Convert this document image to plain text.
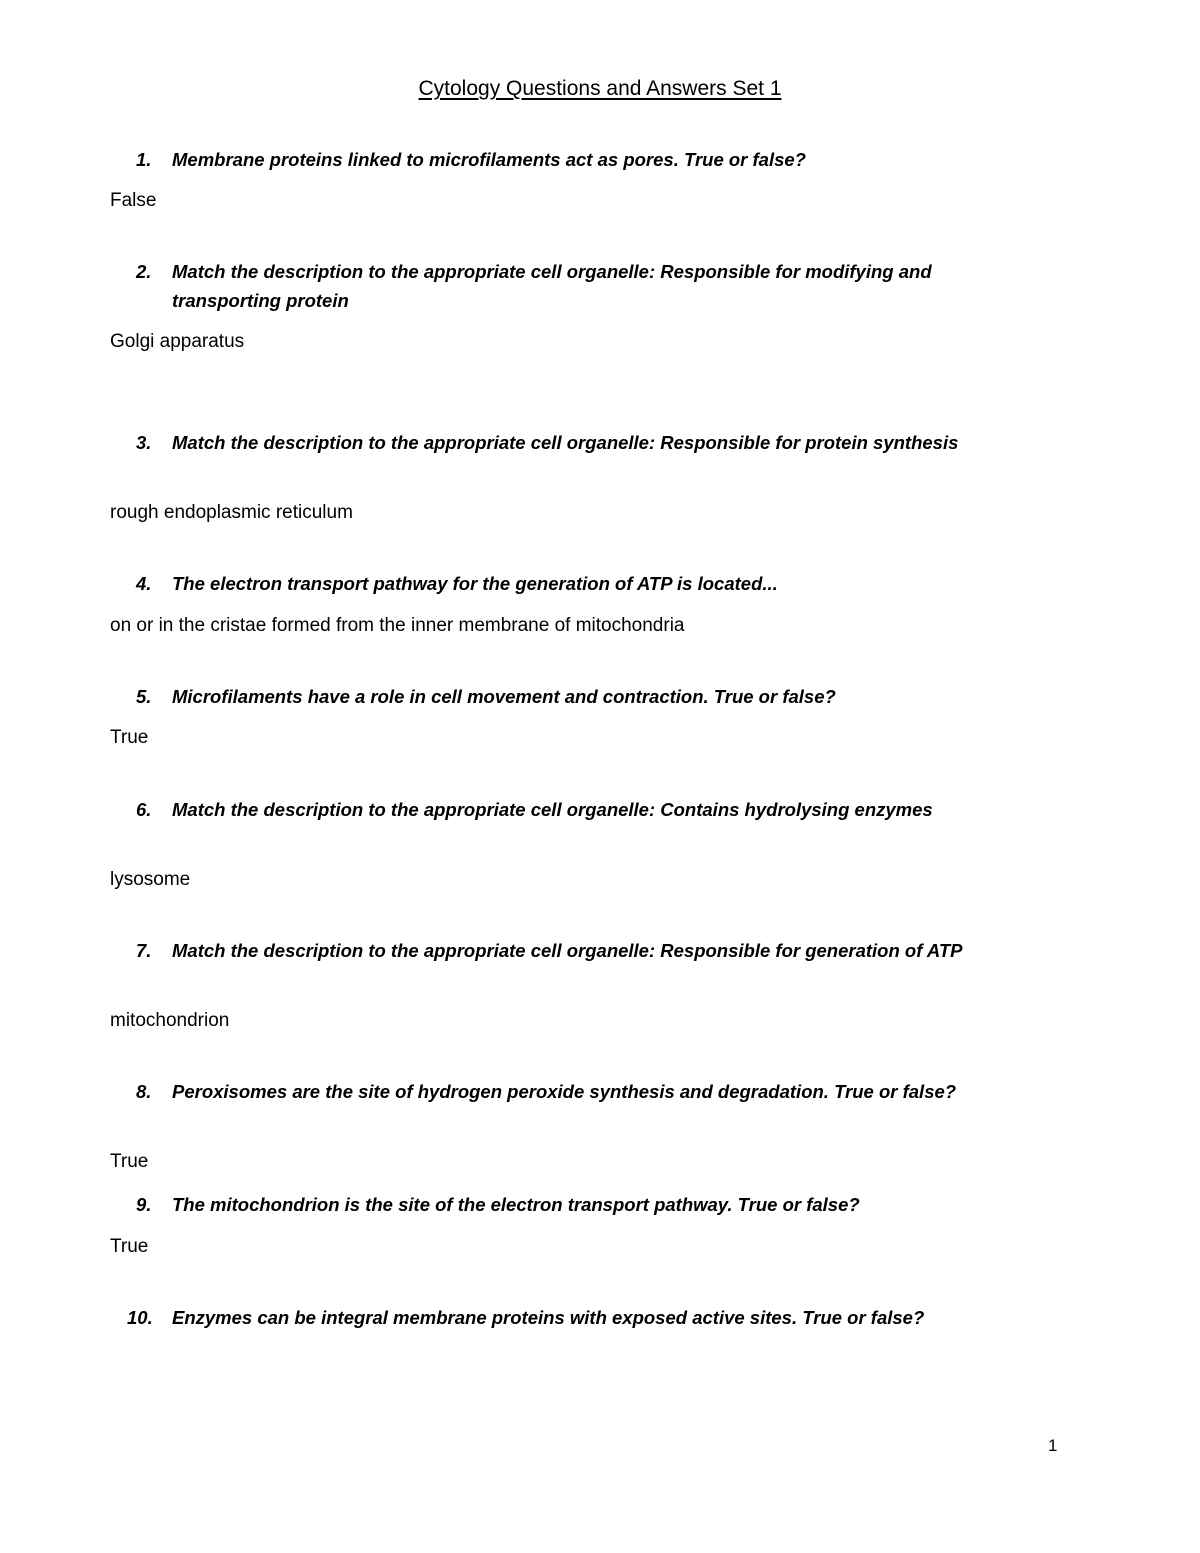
Cytology Questions and Answers Set 1
1. Membrane proteins linked to microfilaments act as pores. True or false?
False
2. Match the description to the appropriate cell organelle: Responsible for modifying and transporting protein
Golgi apparatus
3. Match the description to the appropriate cell organelle: Responsible for protein synthesis
rough endoplasmic reticulum
4. The electron transport pathway for the generation of ATP is located...
on or in the cristae formed from the inner membrane of mitochondria
5. Microfilaments have a role in cell movement and contraction. True or false?
True
6. Match the description to the appropriate cell organelle: Contains hydrolysing enzymes
lysosome
7. Match the description to the appropriate cell organelle: Responsible for generation of ATP
mitochondrion
8. Peroxisomes are the site of hydrogen peroxide synthesis and degradation. True or false?
True
9. The mitochondrion is the site of the electron transport pathway. True or false?
True
10. Enzymes can be integral membrane proteins with exposed active sites. True or false?
1
